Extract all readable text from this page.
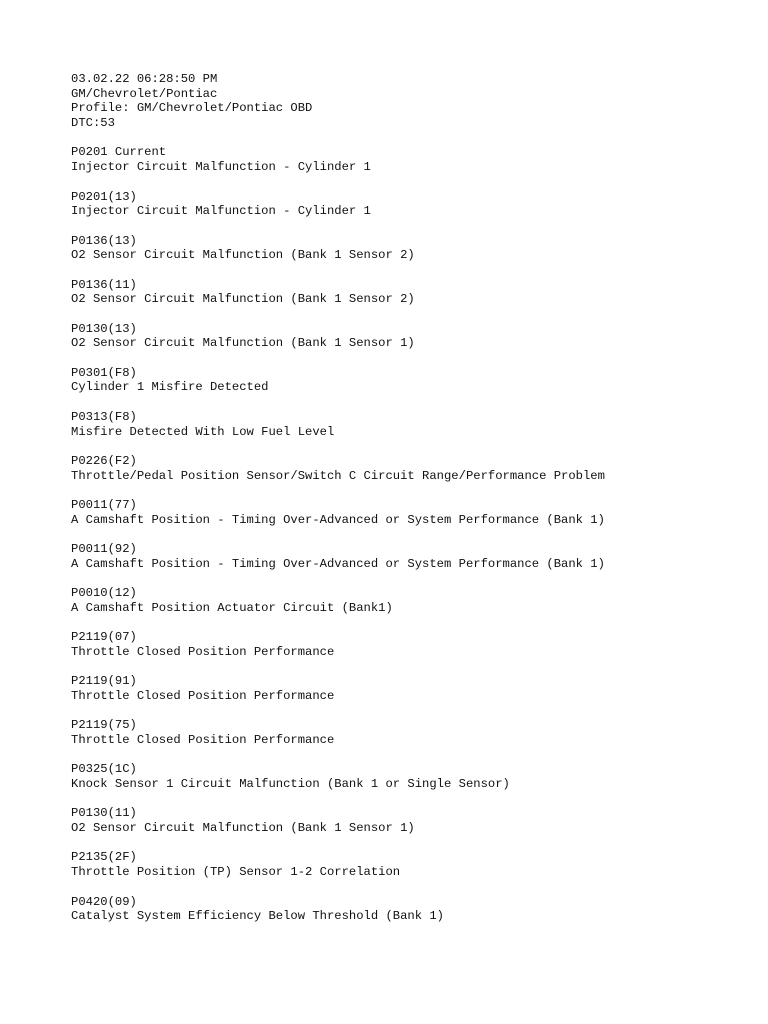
03.02.22 06:28:50 PM
GM/Chevrolet/Pontiac
Profile: GM/Chevrolet/Pontiac OBD
DTC:53
P0201 Current
Injector Circuit Malfunction - Cylinder 1
P0201(13)
Injector Circuit Malfunction - Cylinder 1
P0136(13)
O2 Sensor Circuit Malfunction (Bank 1 Sensor 2)
P0136(11)
O2 Sensor Circuit Malfunction (Bank 1 Sensor 2)
P0130(13)
O2 Sensor Circuit Malfunction (Bank 1 Sensor 1)
P0301(F8)
Cylinder 1 Misfire Detected
P0313(F8)
Misfire Detected With Low Fuel Level
P0226(F2)
Throttle/Pedal Position Sensor/Switch C Circuit Range/Performance Problem
P0011(77)
A Camshaft Position - Timing Over-Advanced or System Performance (Bank 1)
P0011(92)
A Camshaft Position - Timing Over-Advanced or System Performance (Bank 1)
P0010(12)
A Camshaft Position Actuator Circuit (Bank1)
P2119(07)
Throttle Closed Position Performance
P2119(91)
Throttle Closed Position Performance
P2119(75)
Throttle Closed Position Performance
P0325(1C)
Knock Sensor 1 Circuit Malfunction (Bank 1 or Single Sensor)
P0130(11)
O2 Sensor Circuit Malfunction (Bank 1 Sensor 1)
P2135(2F)
Throttle Position (TP) Sensor 1-2 Correlation
P0420(09)
Catalyst System Efficiency Below Threshold (Bank 1)
